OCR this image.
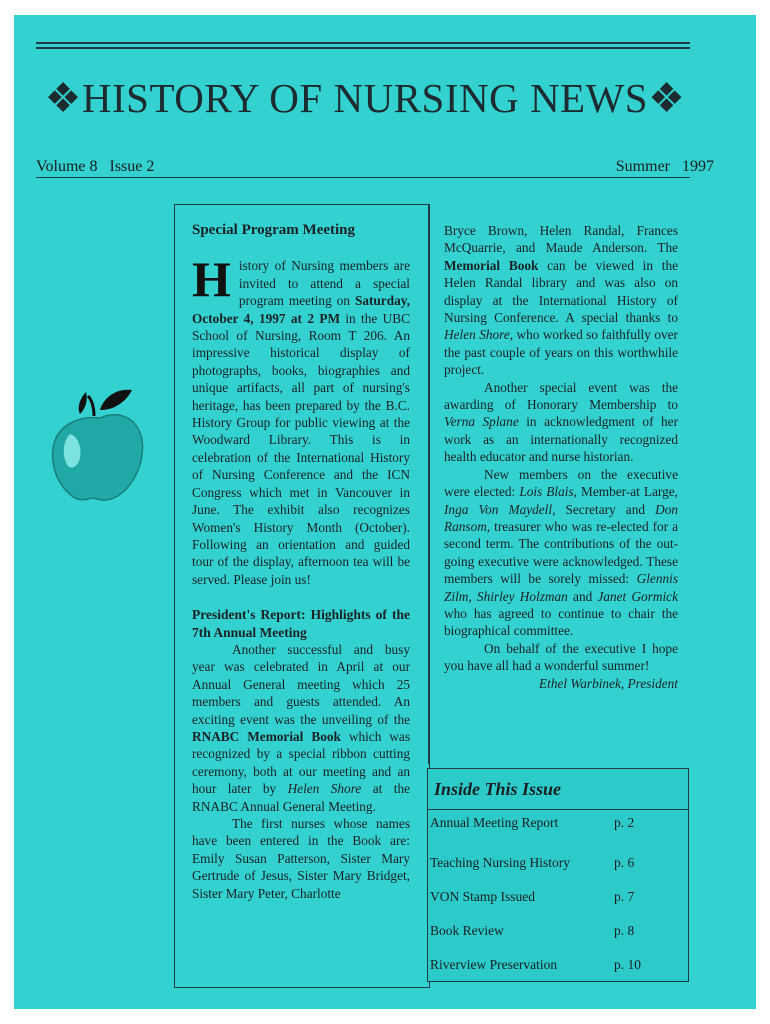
❖HISTORY OF NURSING NEWS❖
Volume 8   Issue 2	Summer   1997

Special Program Meeting

History of Nursing members are invited to attend a special program meeting on Saturday, October 4, 1997 at 2 PM in the UBC School of Nursing, Room T 206. An impressive historical display of photographs, books, biographies and unique artifacts, all part of nursing's heritage, has been prepared by the B.C. History Group for public viewing at the Woodward Library. This is in celebration of the International History of Nursing Conference and the ICN Congress which met in Vancouver in June. The exhibit also recognizes Women's History Month (October). Following an orientation and guided tour of the display, afternoon tea will be served. Please join us!

President's Report: Highlights of the 7th Annual Meeting

Another successful and busy year was celebrated in April at our Annual General meeting which 25 members and guests attended. An exciting event was the unveiling of the RNABC Memorial Book which was recognized by a special ribbon cutting ceremony, both at our meeting and an hour later by Helen Shore at the RNABC Annual General Meeting.

The first nurses whose names have been entered in the Book are: Emily Susan Patterson, Sister Mary Gertrude of Jesus, Sister Mary Bridget, Sister Mary Peter, Charlotte

Bryce Brown, Helen Randal, Frances McQuarrie, and Maude Anderson. The Memorial Book can be viewed in the Helen Randal library and was also on display at the International History of Nursing Conference. A special thanks to Helen Shore, who worked so faithfully over the past couple of years on this worthwhile project.

Another special event was the awarding of Honorary Membership to Verna Splane in acknowledgment of her work as an internationally recognized health educator and nurse historian.

New members on the executive were elected: Lois Blais, Member-at Large, Inga Von Maydell, Secretary and Don Ransom, treasurer who was re-elected for a second term. The contributions of the out-going executive were acknowledged. These members will be sorely missed: Glennis Zilm, Shirley Holzman and Janet Gormick who has agreed to continue to chair the biographical committee.

On behalf of the executive I hope you have all had a wonderful summer!

Ethel Warbinek, President

Inside This Issue
Annual Meeting Report	p. 2
Teaching Nursing History	p. 6
VON Stamp Issued	p. 7
Book Review	p. 8
Riverview Preservation	p. 10
